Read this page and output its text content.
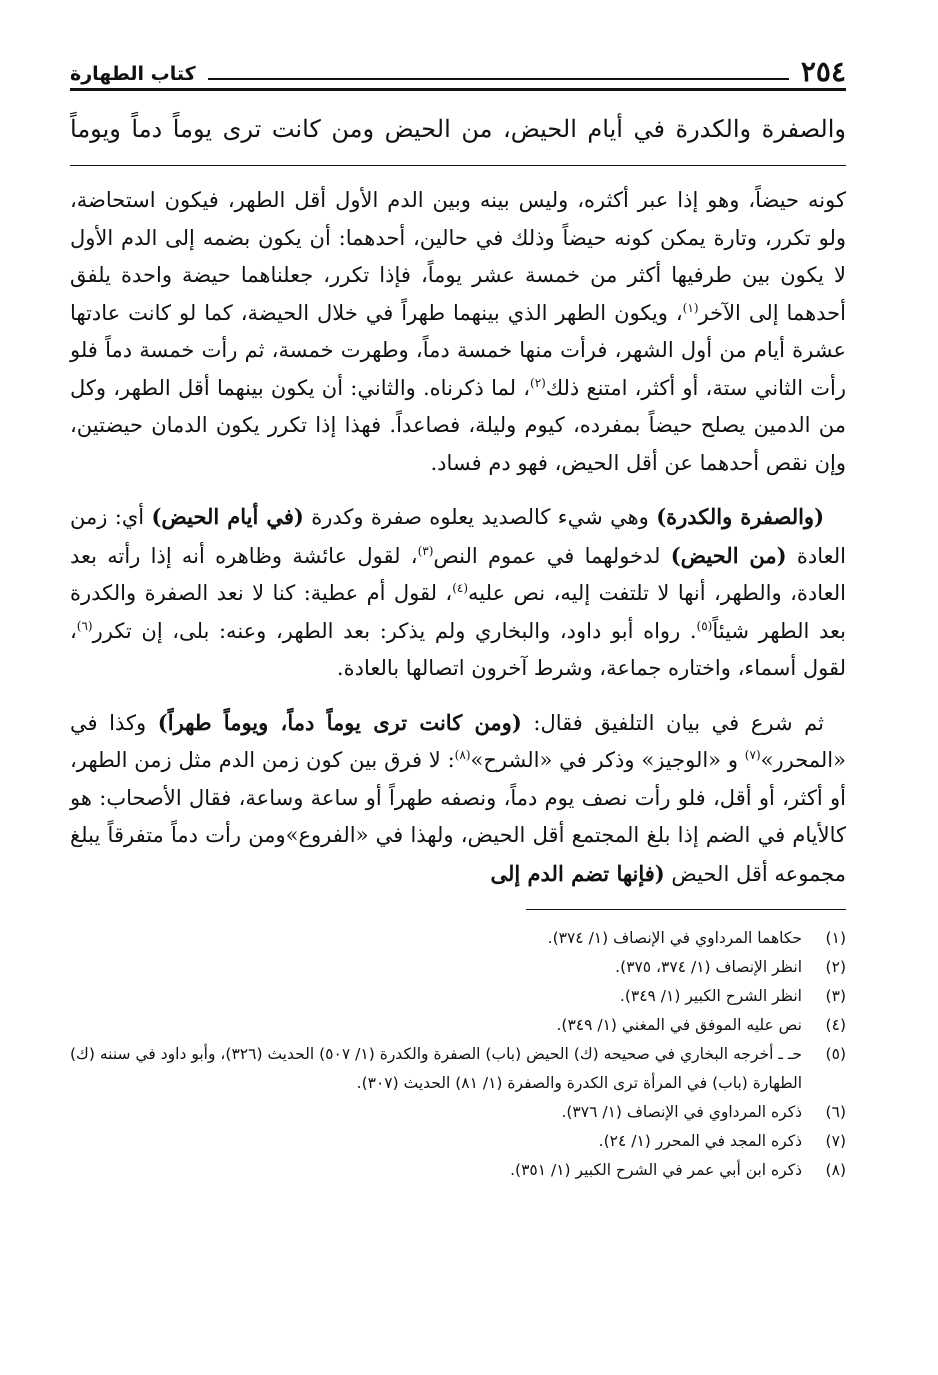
٢٥٤
كتاب الطهارة
والصفرة والكدرة في أيام الحيض، من الحيض ومن كانت ترى يوماً دماً ويوماً

كونه حيضاً، وهو إذا عبر أكثره، وليس بينه وبين الدم الأول أقل الطهر، فيكون استحاضة، ولو تكرر، وتارة يمكن كونه حيضاً وذلك في حالين، أحدهما: أن يكون بضمه إلى الدم الأول لا يكون بين طرفيها أكثر من خمسة عشر يوماً، فإذا تكرر، جعلناهما حيضة واحدة يلفق أحدهما إلى الآخر$^{(١)}$، ويكون الطهر الذي بينهما طهراً في خلال الحيضة، كما لو كانت عادتها عشرة أيام من أول الشهر، فرأت منها خمسة دماً، وطهرت خمسة، ثم رأت خمسة دماً فلو رأت الثاني ستة، أو أكثر، امتنع ذلك$^{(٢)}$، لما ذكرناه. والثاني: أن يكون بينهما أقل الطهر، وكل من الدمين يصلح حيضاً بمفرده، كيوم وليلة، فصاعداً. فهذا إذا تكرر يكون الدمان حيضتين، وإن نقص أحدهما عن أقل الحيض، فهو دم فساد.

(والصفرة والكدرة) وهي شيء كالصديد يعلوه صفرة وكدرة (في أيام الحيض) أي: زمن العادة (من الحيض) لدخولهما في عموم النص$^{(٣)}$، لقول عائشة وظاهره أنه إذا رأته بعد العادة، والطهر، أنها لا تلتفت إليه، نص عليه$^{(٤)}$، لقول أم عطية: كنا لا نعد الصفرة والكدرة بعد الطهر شيئاً$^{(٥)}$. رواه أبو داود، والبخاري ولم يذكر: بعد الطهر، وعنه: بلى، إن تكرر$^{(٦)}$، لقول أسماء، واختاره جماعة، وشرط آخرون اتصالها بالعادة.

ثم شرع في بيان التلفيق فقال: (ومن كانت ترى يوماً دماً، ويوماً طهراً) وكذا في «المحرر»$^{(٧)}$ و «الوجيز» وذكر في «الشرح»$^{(٨)}$: لا فرق بين كون زمن الدم مثل زمن الطهر، أو أكثر، أو أقل، فلو رأت نصف يوم دماً، ونصفه طهراً أو ساعة وساعة، فقال الأصحاب: هو كالأيام في الضم إذا بلغ المجتمع أقل الحيض، ولهذا في «الفروع»ومن رأت دماً متفرقاً يبلغ مجموعه أقل الحيض (فإنها تضم الدم إلى

(١)
حكاهما المرداوي في الإنصاف (١/ ٣٧٤).
(٢)
انظر الإنصاف (١/ ٣٧٤، ٣٧٥).
(٣)
انظر الشرح الكبير (١/ ٣٤٩).
(٤)
نص عليه الموفق في المغني (١/ ٣٤٩).
(٥)
حـ ـ أخرجه البخاري في صحيحه (ك) الحيض (باب) الصفرة والكدرة (١/ ٥٠٧) الحديث (٣٢٦)، وأبو داود في سننه (ك) الطهارة (باب) في المرأة ترى الكدرة والصفرة (١/ ٨١) الحديث (٣٠٧).
(٦)
ذكره المرداوي في الإنصاف (١/ ٣٧٦).
(٧)
ذكره المجد في المحرر (١/ ٢٤).
(٨)
ذكره ابن أبي عمر في الشرح الكبير (١/ ٣٥١).
